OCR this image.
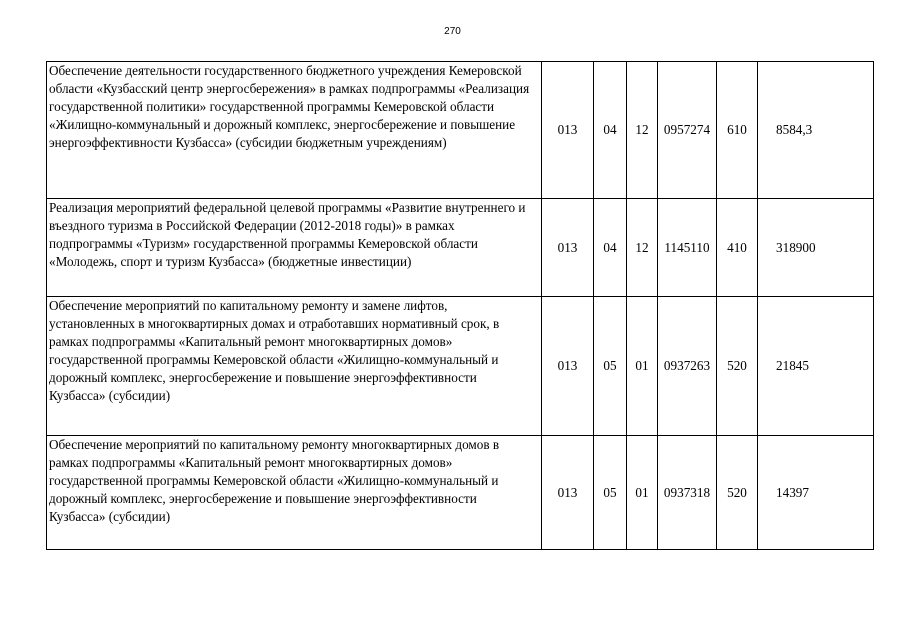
270
Обеспечение деятельности государственного бюджетного учреждения Кемеровской области «Кузбасский центр энергосбережения» в рамках подпрограммы «Реализация государственной политики» государственной программы Кемеровской области «Жилищно-коммунальный и дорожный комплекс, энергосбережение и повышение энергоэффективности Кузбасса» (субсидии бюджетным учреждениям)	013	04	12	0957274	610	8584,3
Реализация мероприятий федеральной целевой программы «Развитие внутреннего и въездного туризма в Российской Федерации (2012-2018 годы)» в рамках подпрограммы «Туризм» государственной программы Кемеровской области «Молодежь, спорт и туризм Кузбасса» (бюджетные инвестиции)	013	04	12	1145110	410	318900
Обеспечение мероприятий по капитальному ремонту и замене лифтов, установленных в многоквартирных домах и отработавших нормативный срок, в рамках подпрограммы «Капитальный ремонт многоквартирных домов» государственной программы Кемеровской области «Жилищно-коммунальный и дорожный комплекс, энергосбережение и повышение энергоэффективности Кузбасса» (субсидии)	013	05	01	0937263	520	21845
Обеспечение мероприятий по капитальному ремонту многоквартирных домов в рамках подпрограммы «Капитальный ремонт многоквартирных домов» государственной программы Кемеровской области «Жилищно-коммунальный и дорожный комплекс, энергосбережение и повышение энергоэффективности Кузбасса» (субсидии)	013	05	01	0937318	520	14397
